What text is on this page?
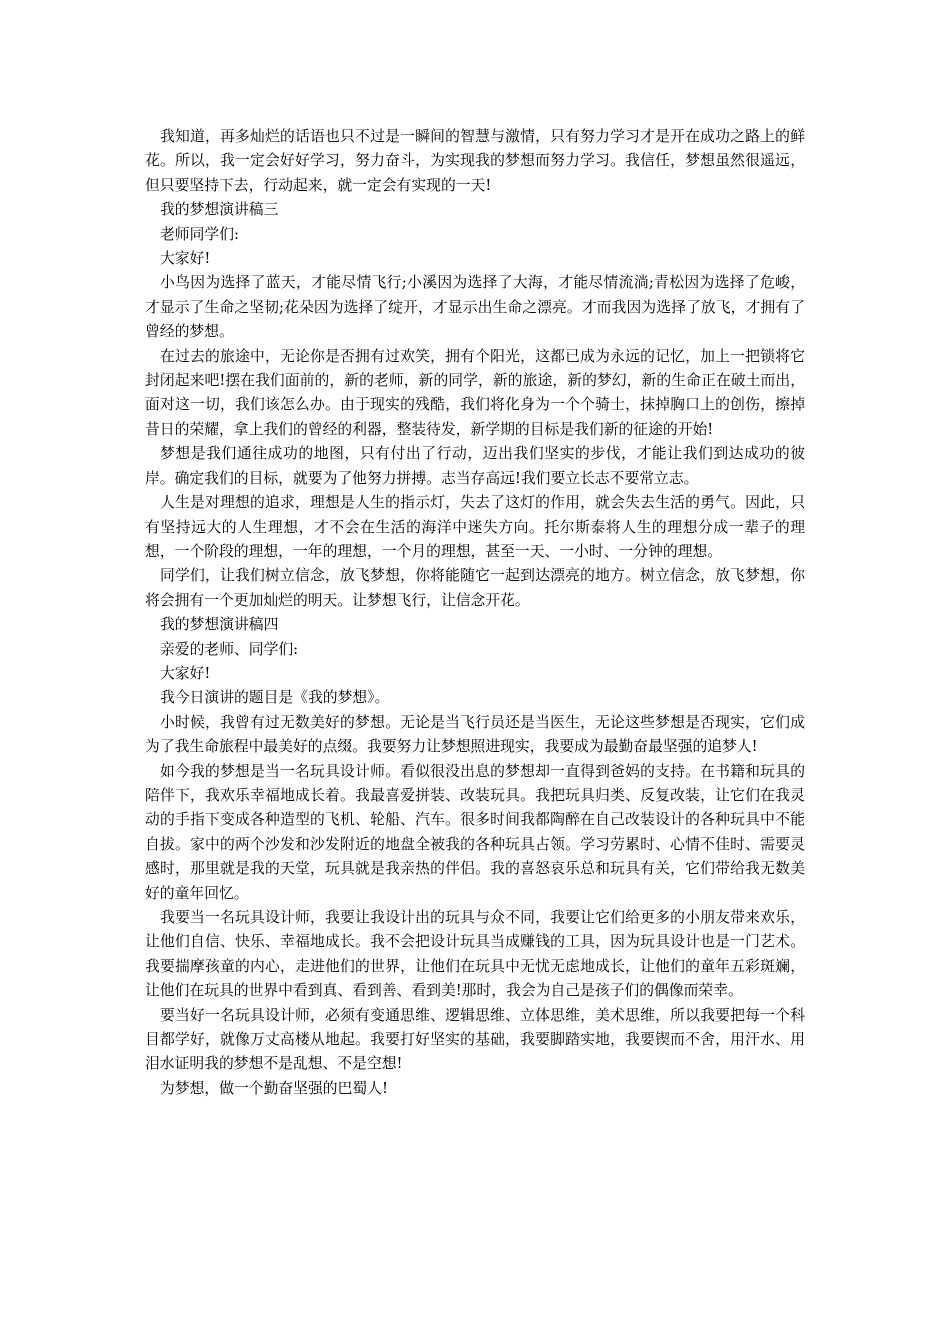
我知道，再多灿烂的话语也只不过是一瞬间的智慧与激情，只有努力学习才是开在成功之路上的鲜花。所以，我一定会好好学习，努力奋斗，为实现我的梦想而努力学习。我信任，梦想虽然很遥远，但只要坚持下去，行动起来，就一定会有实现的一天!

我的梦想演讲稿三

老师同学们:

大家好!

小鸟因为选择了蓝天，才能尽情飞行;小溪因为选择了大海，才能尽情流淌;青松因为选择了危峻，才显示了生命之坚韧;花朵因为选择了绽开，才显示出生命之漂亮。才而我因为选择了放飞，才拥有了曾经的梦想。

在过去的旅途中，无论你是否拥有过欢笑，拥有个阳光，这都已成为永远的记忆，加上一把锁将它封闭起来吧!摆在我们面前的，新的老师，新的同学，新的旅途，新的梦幻，新的生命正在破土而出，面对这一切，我们该怎么办。由于现实的残酷，我们将化身为一个个骑士，抹掉胸口上的创伤，擦掉昔日的荣耀，拿上我们的曾经的利器，整装待发，新学期的目标是我们新的征途的开始!

梦想是我们通往成功的地图，只有付出了行动，迈出我们坚实的步伐，才能让我们到达成功的彼岸。确定我们的目标，就要为了他努力拼搏。志当存高远!我们要立长志不要常立志。

人生是对理想的追求，理想是人生的指示灯，失去了这灯的作用，就会失去生活的勇气。因此，只有坚持远大的人生理想，才不会在生活的海洋中迷失方向。托尔斯泰将人生的理想分成一辈子的理想，一个阶段的理想，一年的理想，一个月的理想，甚至一天、一小时、一分钟的理想。

同学们，让我们树立信念，放飞梦想，你将能随它一起到达漂亮的地方。树立信念，放飞梦想，你将会拥有一个更加灿烂的明天。让梦想飞行，让信念开花。

我的梦想演讲稿四

亲爱的老师、同学们:

大家好!

我今日演讲的题目是《我的梦想》。

小时候，我曾有过无数美好的梦想。无论是当飞行员还是当医生，无论这些梦想是否现实，它们成为了我生命旅程中最美好的点缀。我要努力让梦想照进现实，我要成为最勤奋最坚强的追梦人!

如今我的梦想是当一名玩具设计师。看似很没出息的梦想却一直得到爸妈的支持。在书籍和玩具的陪伴下，我欢乐幸福地成长着。我最喜爱拼装、改装玩具。我把玩具归类、反复改装，让它们在我灵动的手指下变成各种造型的飞机、轮船、汽车。很多时间我都陶醉在自己改装设计的各种玩具中不能自拔。家中的两个沙发和沙发附近的地盘全被我的各种玩具占领。学习劳累时、心情不佳时、需要灵感时，那里就是我的天堂，玩具就是我亲热的伴侣。我的喜怒哀乐总和玩具有关，它们带给我无数美好的童年回忆。

我要当一名玩具设计师，我要让我设计出的玩具与众不同，我要让它们给更多的小朋友带来欢乐，让他们自信、快乐、幸福地成长。我不会把设计玩具当成赚钱的工具，因为玩具设计也是一门艺术。我要揣摩孩童的内心，走进他们的世界，让他们在玩具中无忧无虑地成长，让他们的童年五彩斑斓，让他们在玩具的世界中看到真、看到善、看到美!那时，我会为自己是孩子们的偶像而荣幸。

要当好一名玩具设计师，必须有变通思维、逻辑思维、立体思维，美术思维，所以我要把每一个科目都学好，就像万丈高楼从地起。我要打好坚实的基础，我要脚踏实地，我要锲而不舍，用汗水、用泪水证明我的梦想不是乱想、不是空想!

为梦想，做一个勤奋坚强的巴蜀人!
